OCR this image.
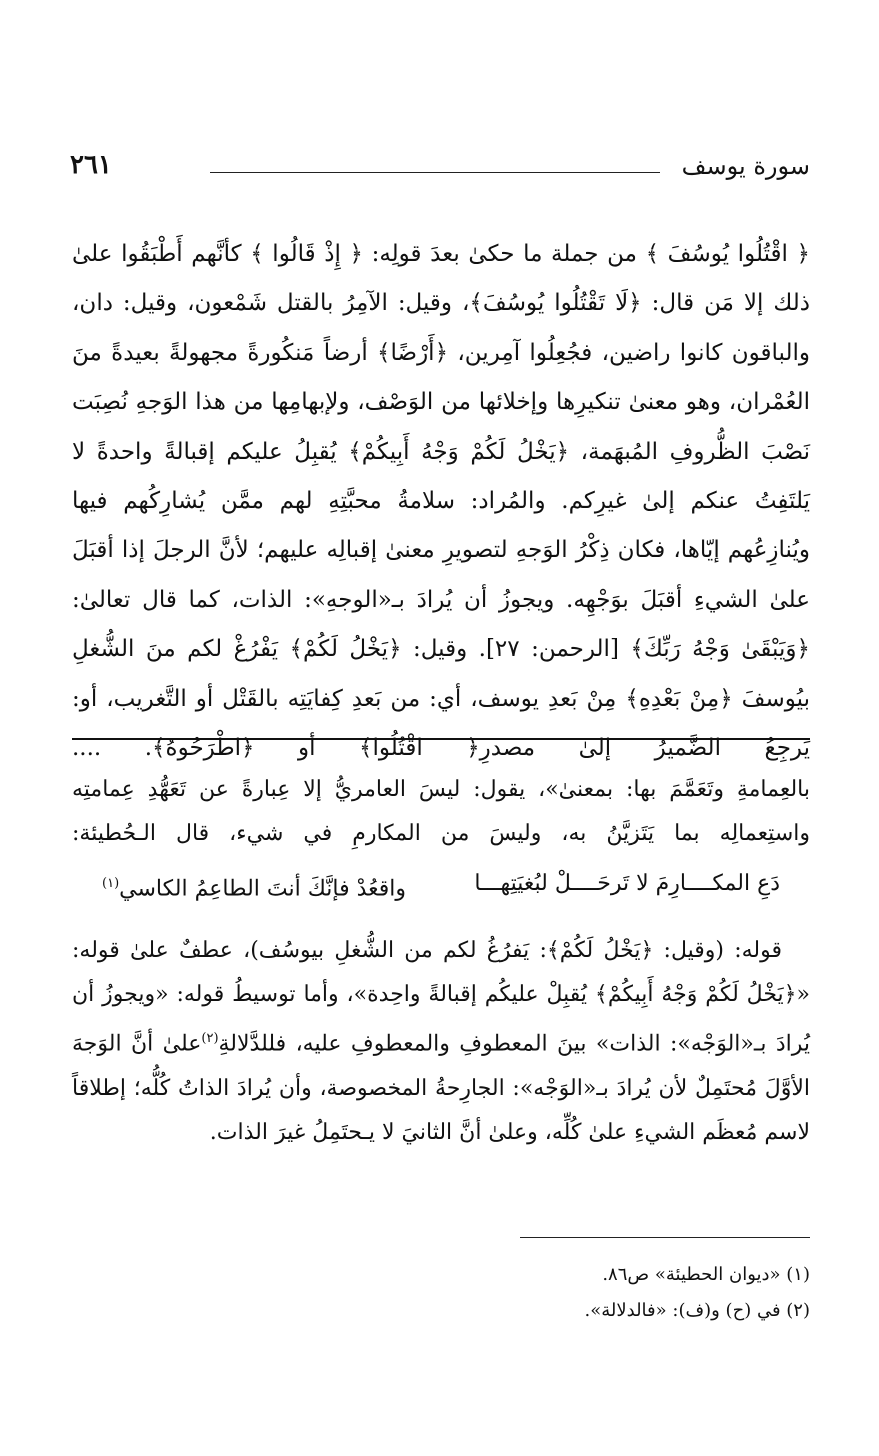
٢٦١	سورة يوسف

﴿ اقْتُلُوا يُوسُفَ ﴾ من جملة ما حكىٰ بعدَ قولِه: ﴿ إِذْ قَالُوا ﴾ كأنَّهم أَطْبَقُوا علىٰ ذلك إلا مَن قال: ﴿لَا تَقْتُلُوا يُوسُفَ﴾، وقيل: الآمِرُ بالقتل شَمْعون، وقيل: دان، والباقون كانوا راضين، فجُعِلُوا آمِرين، ﴿أَرْضًا﴾ أرضاً مَنكُورةً مجهولةً بعيدةً منَ العُمْران، وهو معنىٰ تنكيرِها وإخلائها من الوَصْف، ولإبهامِها من هذا الوَجهِ نُصِبَت نَصْبَ الظُّروفِ المُبهَمة، ﴿يَخْلُ لَكُمْ وَجْهُ أَبِيكُمْ﴾ يُقبِلُ عليكم إقبالةً واحدةً لا يَلتَفِتُ عنكم إلىٰ غيرِكم. والمُراد: سلامةُ محبَّتِهِ لهم ممَّن يُشارِكُهم فيها ويُنازِعُهم إيّاها، فكان ذِكْرُ الوَجهِ لتصويرِ معنىٰ إقبالِه عليهم؛ لأنَّ الرجلَ إذا أقبَلَ علىٰ الشيءِ أقبَلَ بوَجْهِه. ويجوزُ أن يُرادَ بـ«الوجهِ»: الذات، كما قال تعالىٰ: ﴿وَيَبْقَىٰ وَجْهُ رَبِّكَ﴾ [الرحمن: ٢٧]. وقيل: ﴿يَخْلُ لَكُمْ﴾ يَفْرُغْ لكم منَ الشُّغلِ بيُوسفَ ﴿مِنْ بَعْدِهِ﴾ مِنْ بَعدِ يوسف، أي: من بَعدِ كِفايَتِه بالقَتْل أو التَّغريب، أو: يَرجِعُ الضَّميرُ إلىٰ مصدرِ﴿ اقْتُلُوا﴾ أو ﴿اطْرَحُوهُ﴾. ....

بالعِمامةِ وتَعَمَّمَ بها: بمعنىٰ»، يقول: ليسَ العامريُّ إلا عِبارةً عن تَعَهُّدِ عِمامتِه واستِعمالِه بما يَتَزيَّنُ به، وليسَ من المكارمِ في شيء، قال الـحُطيئة:

دَعِ المكــــارِمَ لا تَرحَــــلْ لبُغيَتِهـــا
واقعُدْ فإنَّكَ أنتَ الطاعِمُ الكاسي$^{(١)}$

قوله: (وقيل: ﴿يَخْلُ لَكُمْ﴾: يَفرُغُ لكم من الشُّغلِ بيوسُف)، عطفٌ علىٰ قوله: «﴿يَخْلُ لَكُمْ وَجْهُ أَبِيكُمْ﴾ يُقبِلْ عليكُم إقبالةً واحِدة»، وأما توسيطُ قوله: «ويجوزُ أن يُرادَ بـ«الوَجْه»: الذات» بينَ المعطوفِ والمعطوفِ عليه، فللدَّلالةِ$^{(٢)}$علىٰ أنَّ الوَجهَ الأوَّلَ مُحتَمِلٌ لأن يُرادَ بـ«الوَجْه»: الجارِحةُ المخصوصة، وأن يُرادَ الذاتُ كُلُّه؛ إطلاقاً لاسم مُعظَم الشيءِ علىٰ كُلِّه، وعلىٰ أنَّ الثانيَ لا يـحتَمِلُ غيرَ الذات.

(١) «ديوان الحطيئة» ص٨٦.
(٢) في (ح) و(ف): «فالدلالة».
